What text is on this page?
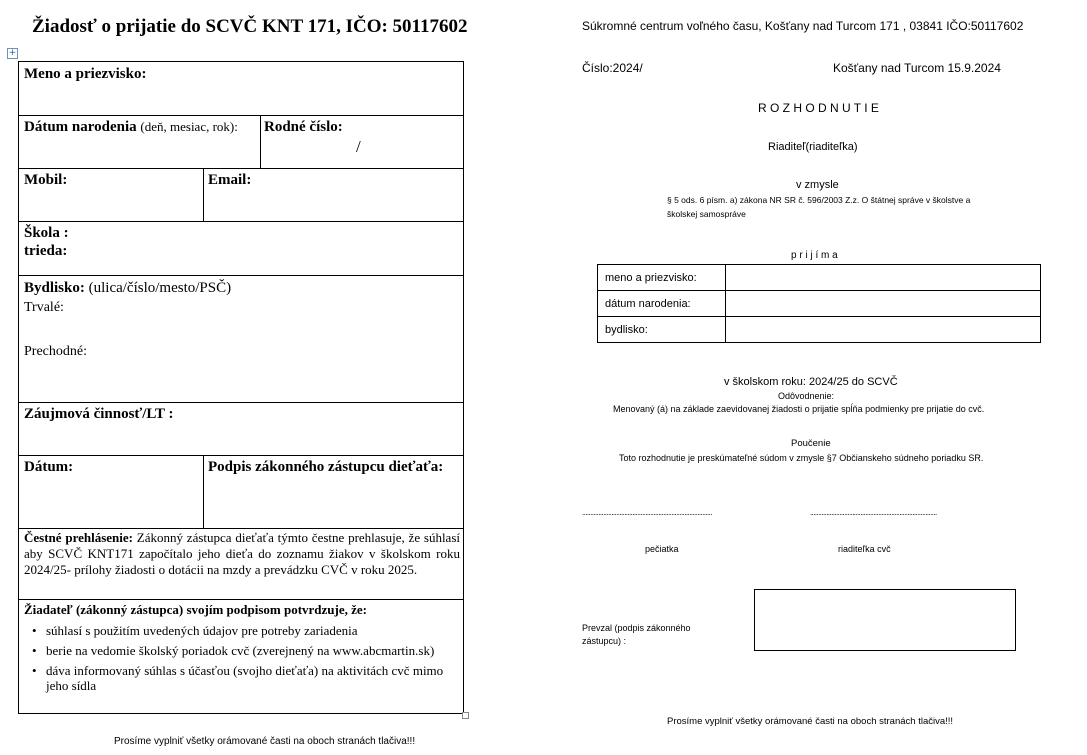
Žiadosť o prijatie do SCVČ KNT 171, IČO: 50117602
+
Meno a priezvisko:
Dátum narodenia (deň, mesiac, rok): Rodné číslo:
/
Mobil:	Email:
Škola :
trieda:
Bydlisko: (ulica/číslo/mesto/PSČ)
Trvalé:
Prechodné:
Záujmová činnosť/LT :
Dátum:	Podpis zákonného zástupcu dieťaťa:
Čestné prehlásenie: Zákonný zástupca dieťaťa týmto čestne prehlasuje, že súhlasí aby SCVČ KNT171 započítalo jeho dieťa do zoznamu žiakov v školskom roku 2024/25- prílohy žiadosti o dotácii na mzdy a prevádzku CVČ v roku 2025.
Žiadateľ (zákonný zástupca) svojím podpisom potvrdzuje, že:
• súhlasí s použitím uvedených údajov pre potreby zariadenia
• berie na vedomie školský poriadok cvč (zverejnený na www.abcmartin.sk)
• dáva informovaný súhlas s účasťou (svojho dieťaťa) na aktivitách cvč mimo jeho sídla
Prosíme vyplniť všetky orámované časti na oboch stranách tlačiva!!!
Súkromné centrum voľného času, Košťany nad Turcom 171 , 03841 IČO:50117602
Číslo:2024/	Košťany nad Turcom 15.9.2024
R O Z H O D N U T I E
Riaditeľ(riaditeľka)
v zmysle
§ 5 ods. 6 písm. a) zákona NR SR č. 596/2003 Z.z. O štátnej správe v školstve a
školskej samospráve
p r i j í m a
meno a priezvisko:	
dátum narodenia:	
bydlisko:	
v školskom roku: 2024/25 do SCVČ
Odôvodnenie:
Menovaný (á) na základe zaevidovanej žiadosti o prijatie spĺňa podmienky pre prijatie do cvč.
Poučenie
Toto rozhodnutie je preskúmateľné súdom v zmysle §7 Občianskeho súdneho poriadku SR.
................................................................................	..............................................................................
pečiatka	riaditeľka cvč
Prevzal (podpis zákonného
zástupcu) :
Prosíme vyplniť všetky orámované časti na oboch stranách tlačiva!!!
